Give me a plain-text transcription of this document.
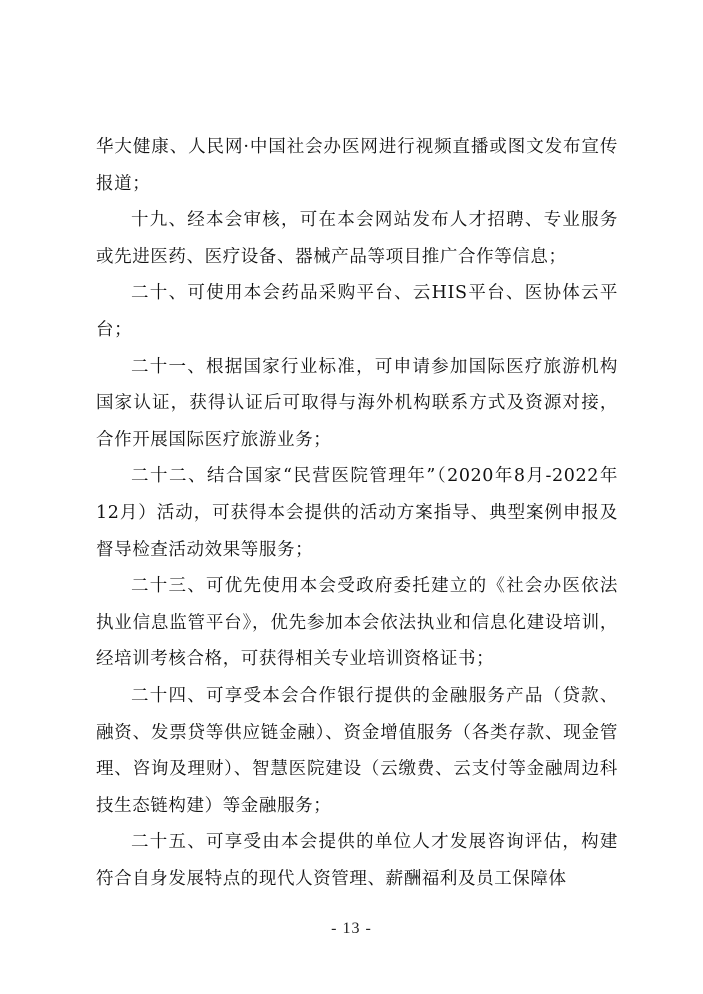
华大健康、人民网·中国社会办医网进行视频直播或图文发布宣传报道；

十九、经本会审核，可在本会网站发布人才招聘、专业服务或先进医药、医疗设备、器械产品等项目推广合作等信息；

二十、可使用本会药品采购平台、云HIS平台、医协体云平台；

二十一、根据国家行业标准，可申请参加国际医疗旅游机构国家认证，获得认证后可取得与海外机构联系方式及资源对接，合作开展国际医疗旅游业务；

二十二、结合国家“民营医院管理年”（2020年8月-2022年12月）活动，可获得本会提供的活动方案指导、典型案例申报及督导检查活动效果等服务；

二十三、可优先使用本会受政府委托建立的《社会办医依法执业信息监管平台》，优先参加本会依法执业和信息化建设培训，经培训考核合格，可获得相关专业培训资格证书；

二十四、可享受本会合作银行提供的金融服务产品（贷款、融资、发票贷等供应链金融）、资金增值服务（各类存款、现金管理、咨询及理财）、智慧医院建设（云缴费、云支付等金融周边科技生态链构建）等金融服务；

二十五、可享受由本会提供的单位人才发展咨询评估，构建符合自身发展特点的现代人资管理、薪酬福利及员工保障体

- 13 -
